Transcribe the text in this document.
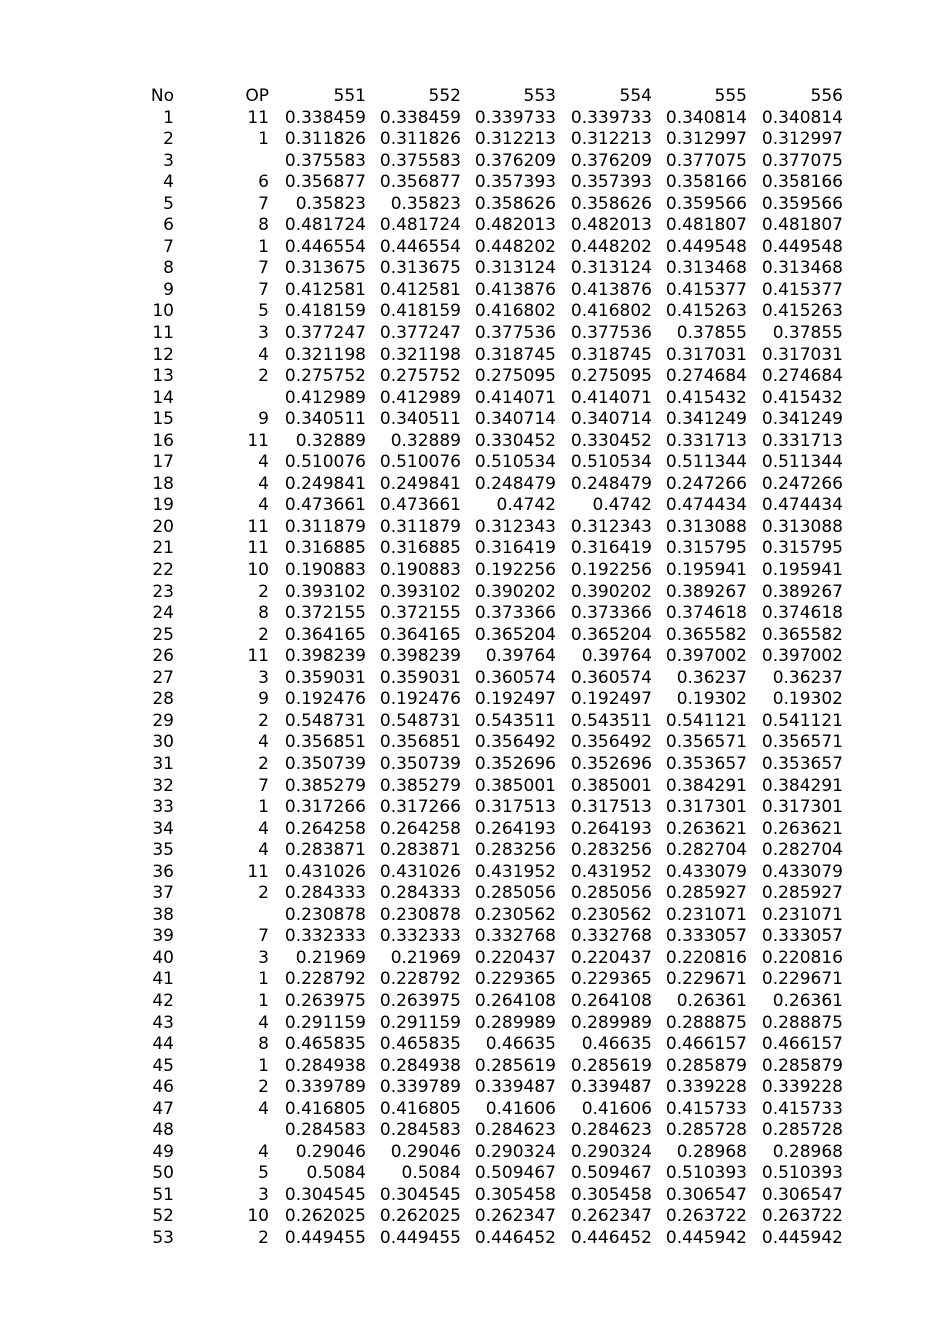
No	OP	551	552	553	554	555	556
1	11	0.338459	0.338459	0.339733	0.339733	0.340814	0.340814
2	1	0.311826	0.311826	0.312213	0.312213	0.312997	0.312997
3		0.375583	0.375583	0.376209	0.376209	0.377075	0.377075
4	6	0.356877	0.356877	0.357393	0.357393	0.358166	0.358166
5	7	0.35823	0.35823	0.358626	0.358626	0.359566	0.359566
6	8	0.481724	0.481724	0.482013	0.482013	0.481807	0.481807
7	1	0.446554	0.446554	0.448202	0.448202	0.449548	0.449548
8	7	0.313675	0.313675	0.313124	0.313124	0.313468	0.313468
9	7	0.412581	0.412581	0.413876	0.413876	0.415377	0.415377
10	5	0.418159	0.418159	0.416802	0.416802	0.415263	0.415263
11	3	0.377247	0.377247	0.377536	0.377536	0.37855	0.37855
12	4	0.321198	0.321198	0.318745	0.318745	0.317031	0.317031
13	2	0.275752	0.275752	0.275095	0.275095	0.274684	0.274684
14		0.412989	0.412989	0.414071	0.414071	0.415432	0.415432
15	9	0.340511	0.340511	0.340714	0.340714	0.341249	0.341249
16	11	0.32889	0.32889	0.330452	0.330452	0.331713	0.331713
17	4	0.510076	0.510076	0.510534	0.510534	0.511344	0.511344
18	4	0.249841	0.249841	0.248479	0.248479	0.247266	0.247266
19	4	0.473661	0.473661	0.4742	0.4742	0.474434	0.474434
20	11	0.311879	0.311879	0.312343	0.312343	0.313088	0.313088
21	11	0.316885	0.316885	0.316419	0.316419	0.315795	0.315795
22	10	0.190883	0.190883	0.192256	0.192256	0.195941	0.195941
23	2	0.393102	0.393102	0.390202	0.390202	0.389267	0.389267
24	8	0.372155	0.372155	0.373366	0.373366	0.374618	0.374618
25	2	0.364165	0.364165	0.365204	0.365204	0.365582	0.365582
26	11	0.398239	0.398239	0.39764	0.39764	0.397002	0.397002
27	3	0.359031	0.359031	0.360574	0.360574	0.36237	0.36237
28	9	0.192476	0.192476	0.192497	0.192497	0.19302	0.19302
29	2	0.548731	0.548731	0.543511	0.543511	0.541121	0.541121
30	4	0.356851	0.356851	0.356492	0.356492	0.356571	0.356571
31	2	0.350739	0.350739	0.352696	0.352696	0.353657	0.353657
32	7	0.385279	0.385279	0.385001	0.385001	0.384291	0.384291
33	1	0.317266	0.317266	0.317513	0.317513	0.317301	0.317301
34	4	0.264258	0.264258	0.264193	0.264193	0.263621	0.263621
35	4	0.283871	0.283871	0.283256	0.283256	0.282704	0.282704
36	11	0.431026	0.431026	0.431952	0.431952	0.433079	0.433079
37	2	0.284333	0.284333	0.285056	0.285056	0.285927	0.285927
38		0.230878	0.230878	0.230562	0.230562	0.231071	0.231071
39	7	0.332333	0.332333	0.332768	0.332768	0.333057	0.333057
40	3	0.21969	0.21969	0.220437	0.220437	0.220816	0.220816
41	1	0.228792	0.228792	0.229365	0.229365	0.229671	0.229671
42	1	0.263975	0.263975	0.264108	0.264108	0.26361	0.26361
43	4	0.291159	0.291159	0.289989	0.289989	0.288875	0.288875
44	8	0.465835	0.465835	0.46635	0.46635	0.466157	0.466157
45	1	0.284938	0.284938	0.285619	0.285619	0.285879	0.285879
46	2	0.339789	0.339789	0.339487	0.339487	0.339228	0.339228
47	4	0.416805	0.416805	0.41606	0.41606	0.415733	0.415733
48		0.284583	0.284583	0.284623	0.284623	0.285728	0.285728
49	4	0.29046	0.29046	0.290324	0.290324	0.28968	0.28968
50	5	0.5084	0.5084	0.509467	0.509467	0.510393	0.510393
51	3	0.304545	0.304545	0.305458	0.305458	0.306547	0.306547
52	10	0.262025	0.262025	0.262347	0.262347	0.263722	0.263722
53	2	0.449455	0.449455	0.446452	0.446452	0.445942	0.445942
